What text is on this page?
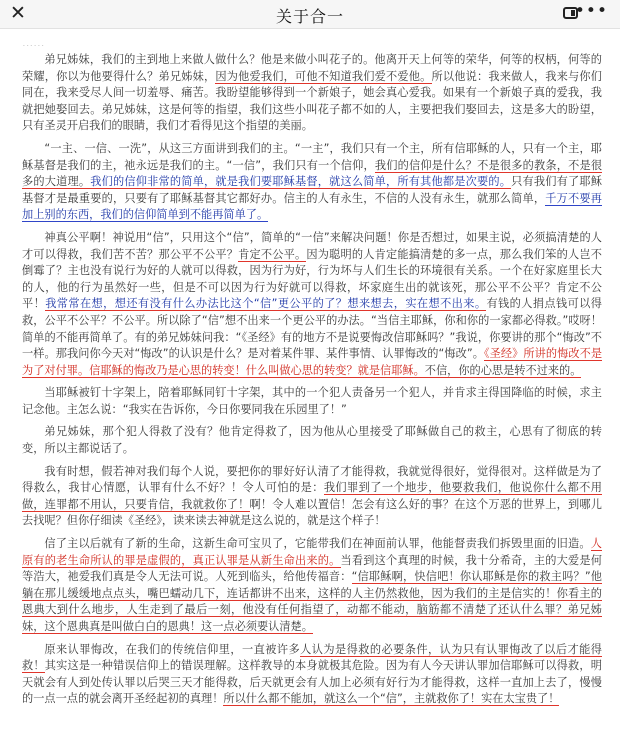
✕	关于合一	•••

……

弟兄姊妹，我们的主到地上来做人做什么？他是来做小叫花子的。他离开天上何等的荣华，何等的权柄，何等的荣耀，你以为他要得什么？弟兄姊妹，因为他爱我们，可他不知道我们爱不爱他。所以他说：我来做人，我来与你们同在，我来受尽人间一切羞辱、痛苦。我盼望能够得到一个新娘子，她会真心爱我。如果有一个新娘子真的爱我，我就把她娶回去。弟兄姊妹，这是何等的指望，我们这些小叫花子都不如的人，主要把我们娶回去，这是多大的盼望，只有圣灵开启我们的眼睛，我们才看得见这个指望的美丽。

“一主、一信、一洗”，从这三方面讲到我们的主。“一主”，我们只有一个主，所有信耶稣的人，只有一个主，耶稣基督是我们的主，祂永远是我们的主。“一信”，我们只有一个信仰，我们的信仰是什么？不是很多的教条，不是很多的大道理。我们的信仰非常的简单，就是我们要耶稣基督，就这么简单，所有其他都是次要的。只有我们有了耶稣基督才是最重要的，只要有了耶稣基督其它都好办。信主的人有永生，不信的人没有永生，就那么简单，千万不要再加上别的东西，我们的信仰简单到不能再简单了。

神真公平啊！神说用“信”，只用这个“信”，简单的“一信”来解决问题！你是否想过，如果主说，必须搞清楚的人才可以得救，我们苦不苦？那公平不公平？肯定不公平。因为聪明的人肯定能搞清楚的多一点，那么我们笨的人岂不倒霉了？主也没有说行为好的人就可以得救，因为行为好，行为坏与人们生长的环境很有关系。一个在好家庭里长大的人，他的行为虽然好一些，但是不可以因为行为好就可以得救，坏家庭生出的就该死，那公平不公平？肯定不公平！我常常在想，想还有没有什么办法比这个“信”更公平的了？想来想去，实在想不出来。有钱的人捐点钱可以得救，公平不公平？不公平。所以除了“信”想不出来一个更公平的办法。“当信主耶稣，你和你的一家都必得救。”哎呀！简单的不能再简单了。有的弟兄姊妹问我：“《圣经》有的地方不是说要悔改信耶稣吗？”我说，你要讲的那个“悔改”不一样。那我问你今天对“悔改”的认识是什么？是对着某件罪、某件事情、认罪悔改的“悔改”。《圣经》所讲的悔改不是为了对付罪。信耶稣的悔改乃是心思的转变！什么叫做心思的转变？就是信耶稣。不信，你的心思是转不过来的。

当耶稣被钉十字架上，陪着耶稣同钉十字架，其中的一个犯人责备另一个犯人，并肯求主得国降临的时候，求主记念他。主怎么说：“我实在告诉你，今日你要同我在乐园里了！”

弟兄姊妹，那个犯人得救了没有？他肯定得救了，因为他从心里接受了耶稣做自己的救主，心思有了彻底的转变，所以主都说话了。

我有时想，假若神对我们每个人说，要把你的罪好好认清了才能得救，我就觉得很好，觉得很对。这样做是为了得救么，我甘心情愿，认罪有什么不好？！令人可怕的是：我们罪到了一个地步，他要救我们，他说你什么都不用做，连罪都不用认，只要肯信，我就救你了！啊！令人难以置信！怎会有这么好的事？在这个万恶的世界上，到哪儿去找呢？但你仔细读《圣经》，读来读去神就是这么说的，就是这个样子！

信了主以后就有了新的生命，这新生命可宝贝了，它能带我们在神面前认罪，他能督责我们拆毁里面的旧造。人原有的老生命所认的罪是虚假的，真正认罪是从新生命出来的。当看到这个真理的时候，我十分希奇，主的大爱是何等浩大，祂爱我们真是令人无法可说。人死到临头，给他传福音：“信耶稣啊，快信吧！你认耶稣是你的救主吗？”他躺在那儿缓缓地点点头，嘴巴蠕动几下，连话都讲不出来，这样的人主仍然救他，因为我们的主是信实的！你看主的恩典大到什么地步，人生走到了最后一刻，他没有任何指望了，动都不能动，脑筋都不清楚了还认什么罪？弟兄姊妹，这个恩典真是叫做白白的恩典！这一点必须要认清楚。

原来认罪悔改，在我们的传统信仰里，一直被许多人认为是得救的必要条件，认为只有认罪悔改了以后才能得救！其实这是一种错误信仰上的错误理解。这样教导的本身就极其危险。因为有人今天讲认罪加信耶稣可以得救，明天就会有人到处传认罪以后哭三天才能得救，后天就更会有人加上必须有好行为才能得救，这样一直加上去了，慢慢的一点一点的就会离开圣经起初的真理！所以什么都不能加，就这么一个“信”，主就救你了！实在太宝贵了！
